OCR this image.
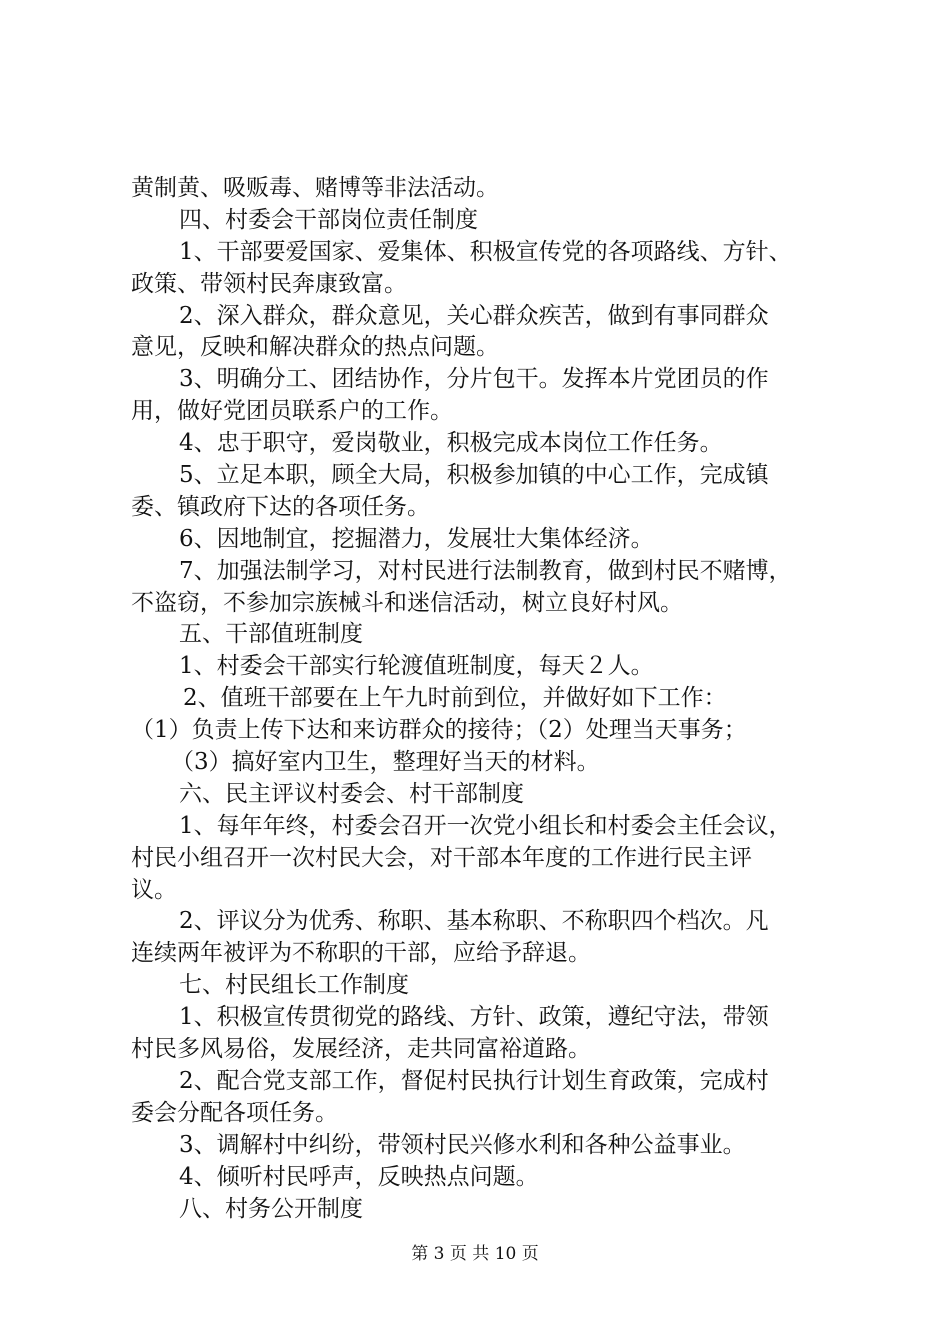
黄制黄、吸贩毒、赌博等非法活动。
四、村委会干部岗位责任制度
1、干部要爱国家、爱集体、积极宣传党的各项路线、方针、
政策、带领村民奔康致富。
2、深入群众，群众意见，关心群众疾苦，做到有事同群众
意见，反映和解决群众的热点问题。
3、明确分工、团结协作，分片包干。发挥本片党团员的作
用，做好党团员联系户的工作。
4、忠于职守，爱岗敬业，积极完成本岗位工作任务。
5、立足本职，顾全大局，积极参加镇的中心工作，完成镇
委、镇政府下达的各项任务。
6、因地制宜，挖掘潜力，发展壮大集体经济。
7、加强法制学习，对村民进行法制教育，做到村民不赌博，
不盗窃，不参加宗族械斗和迷信活动，树立良好村风。
五、干部值班制度
1、村委会干部实行轮渡值班制度，每天２人。
2、值班干部要在上午九时前到位，并做好如下工作：
（1）负责上传下达和来访群众的接待；（2）处理当天事务；
（3）搞好室内卫生，整理好当天的材料。
六、民主评议村委会、村干部制度
1、每年年终，村委会召开一次党小组长和村委会主任会议，
村民小组召开一次村民大会，对干部本年度的工作进行民主评
议。
2、评议分为优秀、称职、基本称职、不称职四个档次。凡
连续两年被评为不称职的干部，应给予辞退。
七、村民组长工作制度
1、积极宣传贯彻党的路线、方针、政策，遵纪守法，带领
村民多风易俗，发展经济，走共同富裕道路。
2、配合党支部工作，督促村民执行计划生育政策，完成村
委会分配各项任务。
3、调解村中纠纷，带领村民兴修水利和各种公益事业。
4、倾听村民呼声，反映热点问题。
八、村务公开制度
第 3 页 共 10 页
